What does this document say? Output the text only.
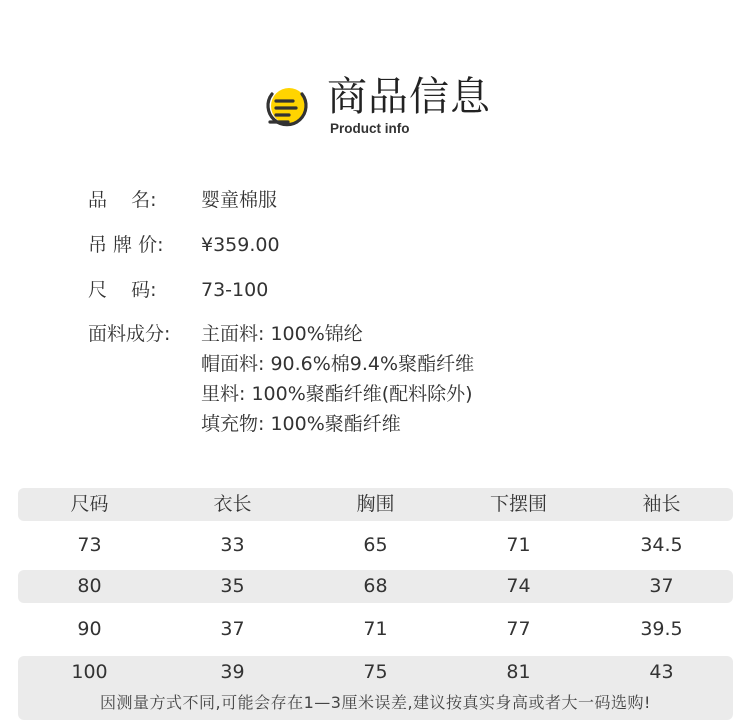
商品信息
Product info
品    名: 婴童棉服
吊 牌 价: ¥359.00
尺    码: 73-100
面料成分: 主面料: 100%锦纶
帽面料: 90.6%棉9.4%聚酯纤维
里料: 100%聚酯纤维(配料除外)
填充物: 100%聚酯纤维
尺码	衣长	胸围	下摆围	袖长
73	33	65	71	34.5
80	35	68	74	37
90	37	71	77	39.5
100	39	75	81	43
因测量方式不同,可能会存在1—3厘米误差,建议按真实身高或者大一码选购!
